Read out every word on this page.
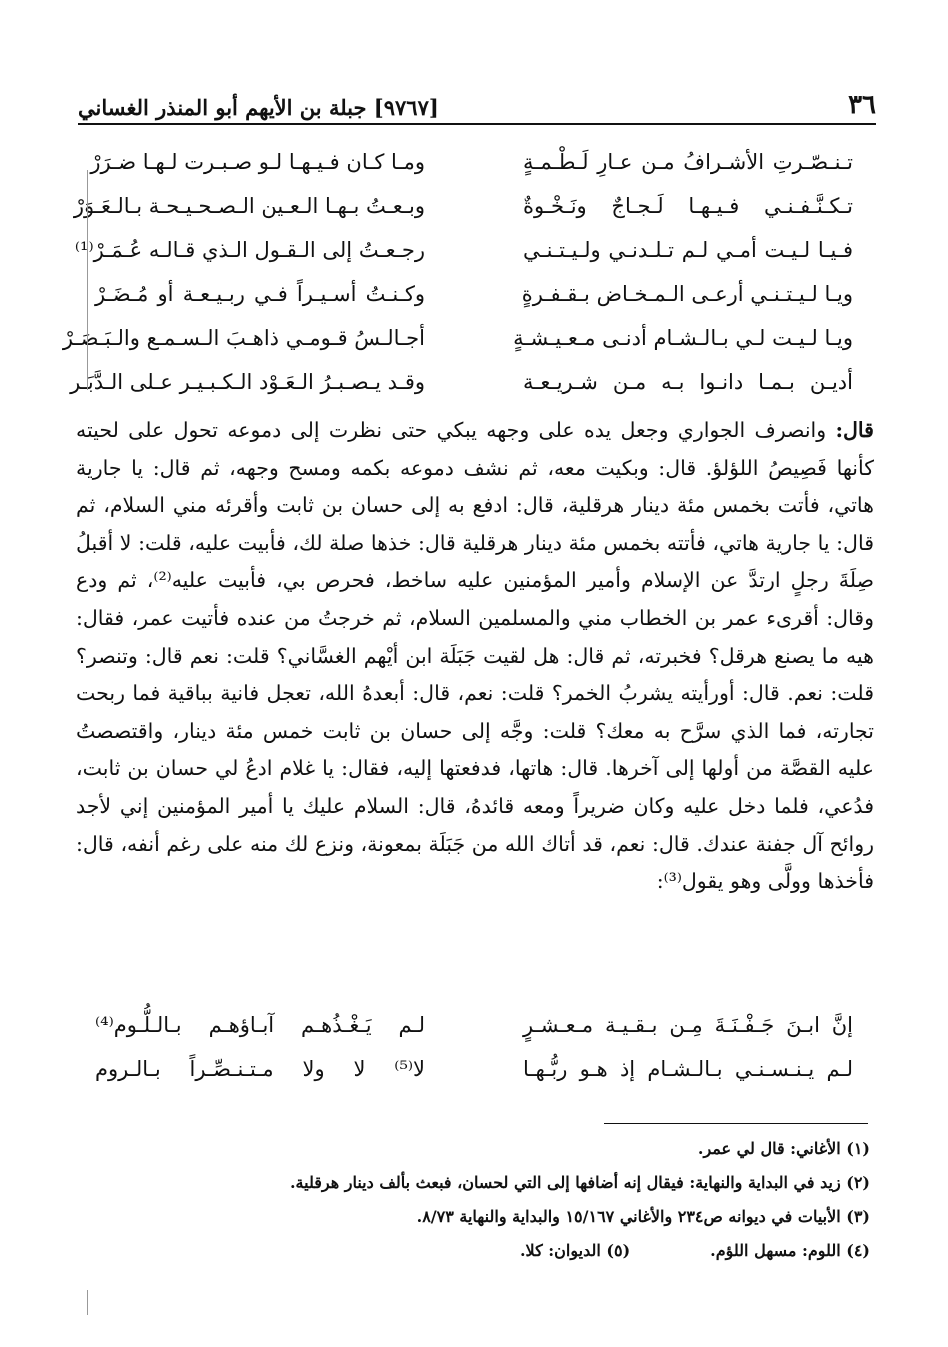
٣٦
[٩٧٦٧] جبلة بن الأيهم أبو المنذر الغساني
تـنـصّـرتِ الأشـرافُ مـن عـارِ لَـطْـمـةٍ
ومـا كـان فـيـهـا لـو صـبـرت لـهـا ضـرَرْ
تـكـنَّـفـنـي فـيـهـا لَـجـاجٌ ونَـخْـوةٌ
وبـعـتُ بـهـا الـعـين الـصـحـيـحـة بـالـعَـوَرْ
فـيـا لـيـت أمـي لـم تـلـدنـي ولـيـتـنـي
رجـعـتُ إلى الـقـول الـذي قـالـه عُـمَـرْ⁽¹⁾
ويـا لـيـتـنـي أرعـى الـمـخـاض بـقـفـرةٍ
وكـنـتُ أسـيـراً فـي ربـيـعـة أو مُـضَـرْ
ويـا لـيـت لـي بـالـشـام أدنـى مـعـيـشـةٍ
أجـالـسُ قـومـي ذاهـبَ الـسـمـع والـبَـصَـرْ
أديـن بـمـا دانـوا بـه مـن شـريـعـة
وقـد يـصـبـرُ الـعَـوْد الـكـبـيـر عـلى الـدَّبَـر
قال: وانصرف الجواري وجعل يده على وجهه يبكي حتى نظرت إلى دموعه تحول على لحيته كأنها فَصِيصُ اللؤلؤ. قال: وبكيت معه، ثم نشف دموعه بكمه ومسح وجهه، ثم قال: يا جارية هاتي، فأتت بخمس مئة دينار هرقلية، قال: ادفع به إلى حسان بن ثابت وأقرئه مني السلام، ثم قال: يا جارية هاتي، فأتته بخمس مئة دينار هرقلية قال: خذها صلة لك، فأبيت عليه، قلت: لا أقبلُ صِلَةَ رجلٍ ارتدَّ عن الإسلام وأمير المؤمنين عليه ساخط، فحرص بي، فأبيت عليه⁽²⁾، ثم ودع وقال: أقرىء عمر بن الخطاب مني والمسلمين السلام، ثم خرجتُ من عنده فأتيت عمر، فقال: هيه ما يصنع هرقل؟ فخبرته، ثم قال: هل لقيت جَبَلَة ابن أيْهم الغسَّاني؟ قلت: نعم قال: وتنصر؟ قلت: نعم. قال: أورأيته يشربُ الخمر؟ قلت: نعم، قال: أبعدهُ الله، تعجل فانية بباقية فما ربحت تجارته، فما الذي سرَّح به معك؟ قلت: وجَّه إلى حسان بن ثابت خمس مئة دينار، واقتصصتُ عليه القصَّة من أولها إلى آخرها. قال: هاتها، فدفعتها إليه، فقال: يا غلام ادعُ لي حسان بن ثابت، فدُعي، فلما دخل عليه وكان ضريراً ومعه قائدهُ، قال: السلام عليك يا أمير المؤمنين إني لأجد روائح آل جفنة عندك. قال: نعم، قد أتاك الله من جَبَلَة بمعونة، ونزع لك منه على رغم أنفه، قال: فأخذها وولَّى وهو يقول⁽³⁾:
إنَّ ابـنَ جَـفْـنَـةَ مِـن بـقـيـة مـعـشـرٍ
لـم يَـغْـذُهـم آبـاؤهـم بـالـلُّـوم⁽⁴⁾
لـم يـنـسـنـي بـالـشـام إذ هـو ربُّـهـا
لا⁽⁵⁾ لا ولا مـتـنـصِّـراً بـالـروم
(١) الأغاني: قال لي عمر.
(٢) زيد في البداية والنهاية: فيقال إنه أضافها إلى التي لحسان، فبعث بألف دينار هرقلية.
(٣) الأبيات في ديوانه ص٢٣٤ والأغاني ١٥/١٦٧ والبداية والنهاية ٨/٧٣.
(٤) اللوم: مسهل اللؤم.
(٥) الديوان: كلا.
